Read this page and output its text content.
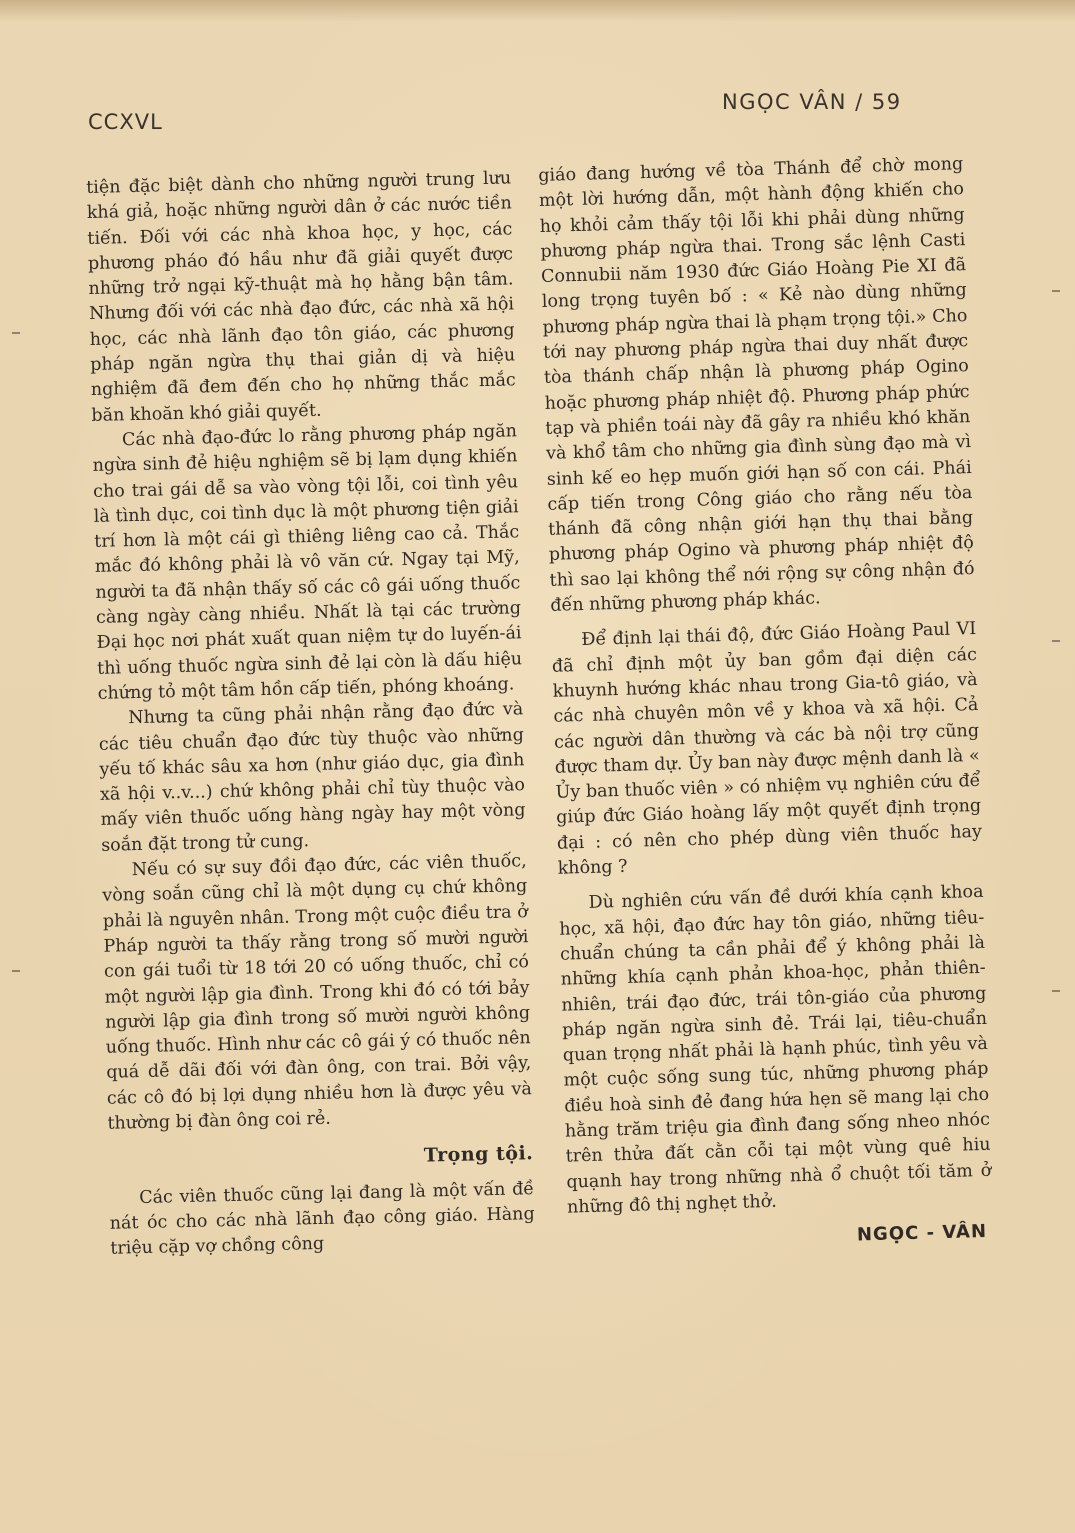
CCXVL
NGỌC VÂN / 59

tiện đặc biệt dành cho những người trung lưu khá giả, hoặc những người dân ở các nước tiền tiến. Đối với các nhà khoa học, y học, các phương pháo đó hầu như đã giải quyết được những trở ngại kỹ-thuật mà họ hằng bận tâm. Nhưng đối với các nhà đạo đức, các nhà xã hội học, các nhà lãnh đạo tôn giáo, các phương pháp ngăn ngừa thụ thai giản dị và hiệu nghiệm đã đem đến cho họ những thắc mắc băn khoăn khó giải quyết.

Các nhà đạo-đức lo rằng phương pháp ngăn ngừa sinh đẻ hiệu nghiệm sẽ bị lạm dụng khiến cho trai gái dễ sa vào vòng tội lỗi, coi tình yêu là tình dục, coi tình dục là một phương tiện giải trí hơn là một cái gì thiêng liêng cao cả. Thắc mắc đó không phải là vô văn cứ. Ngay tại Mỹ, người ta đã nhận thấy số các cô gái uống thuốc càng ngày càng nhiều. Nhất là tại các trường Đại học nơi phát xuất quan niệm tự do luyến-ái thì uống thuốc ngừa sinh đẻ lại còn là dấu hiệu chứng tỏ một tâm hồn cấp tiến, phóng khoáng.

Nhưng ta cũng phải nhận rằng đạo đức và các tiêu chuẩn đạo đức tùy thuộc vào những yếu tố khác sâu xa hơn (như giáo dục, gia đình xã hội v..v...) chứ không phải chỉ tùy thuộc vào mấy viên thuốc uống hàng ngày hay một vòng soắn đặt trong tử cung.

Nếu có sự suy đồi đạo đức, các viên thuốc, vòng soắn cũng chỉ là một dụng cụ chứ không phải là nguyên nhân. Trong một cuộc điều tra ở Pháp người ta thấy rằng trong số mười người con gái tuổi từ 18 tới 20 có uống thuốc, chỉ có một người lập gia đình. Trong khi đó có tới bảy người lập gia đình trong số mười người không uống thuốc. Hình như các cô gái ý có thuốc nên quá dễ dãi đối với đàn ông, con trai. Bởi vậy, các cô đó bị lợi dụng nhiều hơn là được yêu và thường bị đàn ông coi rẻ.

Trọng tội.

Các viên thuốc cũng lại đang là một vấn đề nát óc cho các nhà lãnh đạo công giáo. Hàng triệu cặp vợ chồng công

giáo đang hướng về tòa Thánh để chờ mong một lời hướng dẫn, một hành động khiến cho họ khỏi cảm thấy tội lỗi khi phải dùng những phương pháp ngừa thai. Trong sắc lệnh Casti Connubii năm 1930 đức Giáo Hoàng Pie XI đã long trọng tuyên bố : « Kẻ nào dùng những phương pháp ngừa thai là phạm trọng tội.» Cho tới nay phương pháp ngừa thai duy nhất được tòa thánh chấp nhận là phương pháp Ogino hoặc phương pháp nhiệt độ. Phương pháp phức tạp và phiền toái này đã gây ra nhiều khó khăn và khổ tâm cho những gia đình sùng đạo mà vì sinh kế eo hẹp muốn giới hạn số con cái. Phái cấp tiến trong Công giáo cho rằng nếu tòa thánh đã công nhận giới hạn thụ thai bằng phương pháp Ogino và phương pháp nhiệt độ thì sao lại không thể nới rộng sự công nhận đó đến những phương pháp khác.

Để định lại thái độ, đức Giáo Hoàng Paul VI đã chỉ định một ủy ban gồm đại diện các khuynh hướng khác nhau trong Gia-tô giáo, và các nhà chuyên môn về y khoa và xã hội. Cả các người dân thường và các bà nội trợ cũng được tham dự. Ủy ban này được mệnh danh là « Ủy ban thuốc viên » có nhiệm vụ nghiên cứu để giúp đức Giáo hoàng lấy một quyết định trọng đại : có nên cho phép dùng viên thuốc hay không ?

Dù nghiên cứu vấn đề dưới khía cạnh khoa học, xã hội, đạo đức hay tôn giáo, những tiêu-chuẩn chúng ta cần phải để ý không phải là những khía cạnh phản khoa-học, phản thiên-nhiên, trái đạo đức, trái tôn-giáo của phương pháp ngăn ngừa sinh đẻ. Trái lại, tiêu-chuẩn quan trọng nhất phải là hạnh phúc, tình yêu và một cuộc sống sung túc, những phương pháp điều hoà sinh đẻ đang hứa hẹn sẽ mang lại cho hằng trăm triệu gia đình đang sống nheo nhóc trên thửa đất cằn cỗi tại một vùng quê hiu quạnh hay trong những nhà ổ chuột tối tăm ở những đô thị nghẹt thở.

NGỌC - VÂN
